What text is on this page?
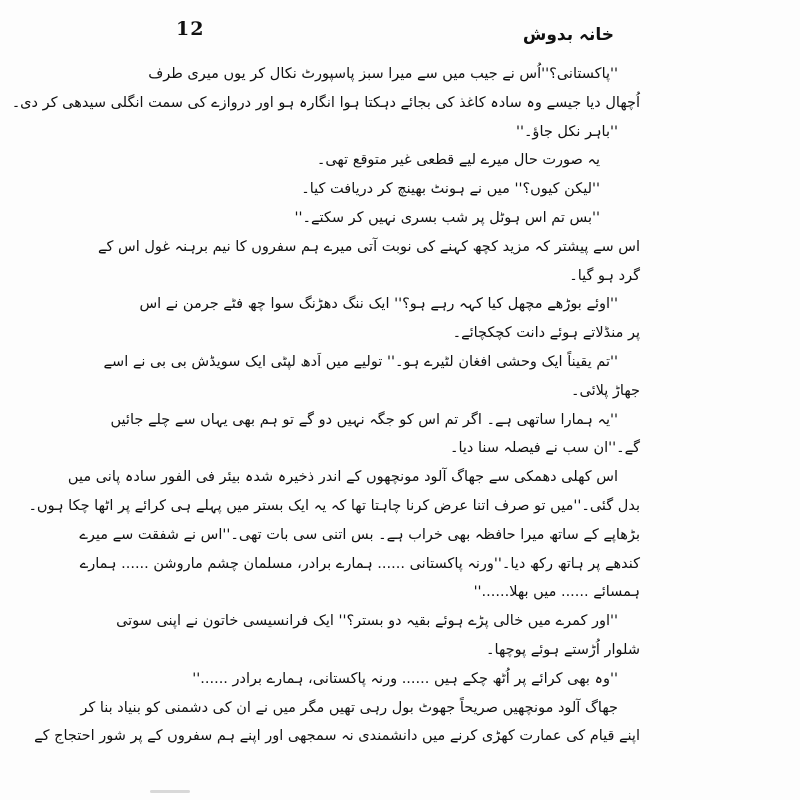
12	خانہ بدوش
''پاکستانی؟''اُس نے جیب میں سے میرا سبز پاسپورٹ نکال کر یوں میری طرف
اُچھال دیا جیسے وہ سادہ کاغذ کی بجائے دہکتا ہوا انگارہ ہو اور دروازے کی سمت انگلی سیدھی کر دی۔
''باہر نکل جاؤ۔''
یہ صورت حال میرے لیے قطعی غیر متوقع تھی۔
''لیکن کیوں؟'' میں نے ہونٹ بھینچ کر دریافت کیا۔
''بس تم اس ہوٹل پر شب بسری نہیں کر سکتے۔''
اس سے پیشتر کہ مزید کچھ کہنے کی نوبت آتی میرے ہم سفروں کا نیم برہنہ غول اس کے
گرد ہو گیا۔
''اوئے بوڑھے مچھل کیا کہہ رہے ہو؟'' ایک ننگ دھڑنگ سوا چھ فٹے جرمن نے اس
پر منڈلاتے ہوئے دانت کچکچائے۔
''تم یقیناً ایک وحشی افغان لٹیرے ہو۔'' تولیے میں اَدھ لپٹی ایک سویڈش بی بی نے اسے
جھاڑ پلائی۔
''یہ ہمارا ساتھی ہے۔ اگر تم اس کو جگہ نہیں دو گے تو ہم بھی یہاں سے چلے جائیں
گے۔''ان سب نے فیصلہ سنا دیا۔
اس کھلی دھمکی سے جھاگ آلود مونچھوں کے اندر ذخیرہ شدہ بیئر فی الفور سادہ پانی میں
بدل گئی۔''میں تو صرف اتنا عرض کرنا چاہتا تھا کہ یہ ایک بستر میں پہلے ہی کرائے پر اٹھا چکا ہوں۔
بڑھاپے کے ساتھ میرا حافظہ بھی خراب ہے۔ بس اتنی سی بات تھی۔''اس نے شفقت سے میرے
کندھے پر ہاتھ رکھ دیا۔''ورنہ پاکستانی ...... ہمارے برادر، مسلمان چشم ماروشن ...... ہمارے
ہمسائے ...... میں بھلا......''
''اور کمرے میں خالی پڑے ہوئے بقیہ دو بستر؟'' ایک فرانسیسی خاتون نے اپنی سوتی
شلوار اُڑستے ہوئے پوچھا۔
''وہ بھی کرائے پر اُٹھ چکے ہیں ...... ورنہ پاکستانی، ہمارے برادر ......''
جھاگ آلود مونچھیں صریحاً جھوٹ بول رہی تھیں مگر میں نے ان کی دشمنی کو بنیاد بنا کر
اپنے قیام کی عمارت کھڑی کرنے میں دانشمندی نہ سمجھی اور اپنے ہم سفروں کے پر شور احتجاج کے
